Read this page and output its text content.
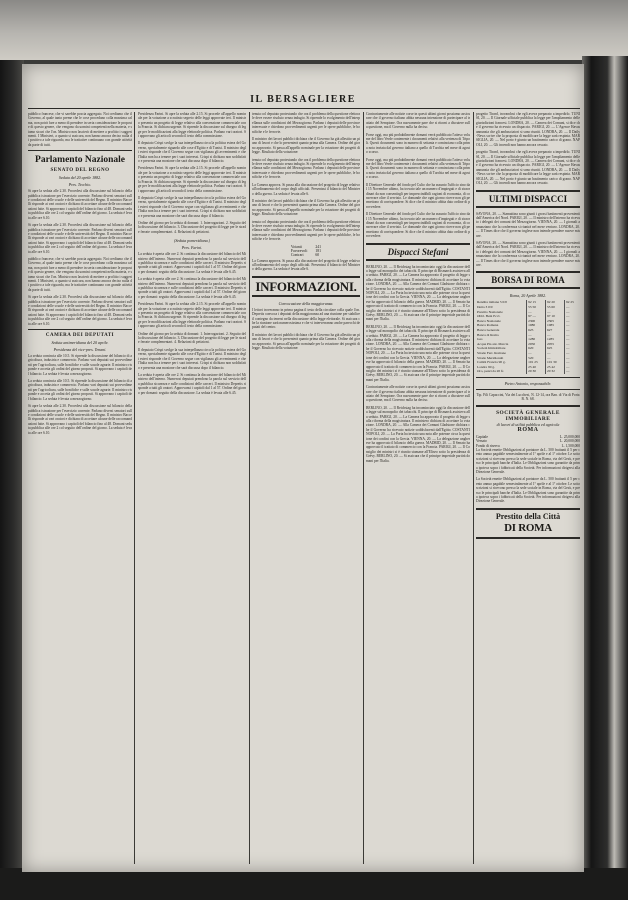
IL BERSAGLIERE

pubblico francese, che vi sarebbe poscia aggregato. Noi crediamo che il Governo, al quale tanto preme che le cose procedano colla massima calma, non potrà fare a meno di prendere in seria considerazione le proposte di questo genere, che vengono da uomini competenti nella materia, e siamo sicuri che l'on. Ministro non lascierà di mettere a profitto i suggerimenti. I Ministeri, a quanto si assicura, non hanno ancora deciso nulla di positivo a tale riguardo, ma le trattative continuano con grande attività da parte di tutti.

Parlamento Nazionale
SENATO DEL REGNO
Seduta del 20 aprile 1882.
Pres. Tecchio.

Si apre la seduta alle 2.30. Procedesi alla discussione sul bilancio della pubblica istruzione per l'esercizio corrente. Parlano diversi senatori sulle condizioni delle scuole e delle università del Regno. Il ministro Baccelli risponde ai vari oratori e dichiara di accettare alcune delle raccomandazioni fatte. Si approvano i capitoli del bilancio fino al 48. Domani seduta pubblica alle ore 2 col seguito dell'ordine del giorno. La seduta è levata alle ore 6.10.

Si apre la seduta alle 2.30. Procedesi alla discussione sul bilancio della pubblica istruzione per l'esercizio corrente. Parlano diversi senatori sulle condizioni delle scuole e delle università del Regno. Il ministro Baccelli risponde ai vari oratori e dichiara di accettare alcune delle raccomandazioni fatte. Si approvano i capitoli del bilancio fino al 48. Domani seduta pubblica alle ore 2 col seguito dell'ordine del giorno. La seduta è levata alle ore 6.10.

pubblico francese, che vi sarebbe poscia aggregato. Noi crediamo che il Governo, al quale tanto preme che le cose procedano colla massima calma, non potrà fare a meno di prendere in seria considerazione le proposte di questo genere, che vengono da uomini competenti nella materia, e siamo sicuri che l'on. Ministro non lascierà di mettere a profitto i suggerimenti. I Ministeri, a quanto si assicura, non hanno ancora deciso nulla di positivo a tale riguardo, ma le trattative continuano con grande attività da parte di tutti.

Si apre la seduta alle 2.30. Procedesi alla discussione sul bilancio della pubblica istruzione per l'esercizio corrente. Parlano diversi senatori sulle condizioni delle scuole e delle università del Regno. Il ministro Baccelli risponde ai vari oratori e dichiara di accettare alcune delle raccomandazioni fatte. Si approvano i capitoli del bilancio fino al 48. Domani seduta pubblica alle ore 2 col seguito dell'ordine del giorno. La seduta è levata alle ore 6.10.

CAMERA DEI DEPUTATI
Seduta antimeridiana del 20 aprile.
Presidenza del vice-pres. Tenani.

La seduta comincia alle 10.5. Si riprende la discussione del bilancio di agricoltura, industria e commercio. Parlano vari deputati sui provvedimenti per l'agricoltura, sulle bonifiche e sulle scuole agrarie. Il ministro risponde e accetta gli ordini del giorno proposti. Si approvano i capitoli del bilancio. La seduta è levata a mezzogiorno.

La seduta comincia alle 10.5. Si riprende la discussione del bilancio di agricoltura, industria e commercio. Parlano vari deputati sui provvedimenti per l'agricoltura, sulle bonifiche e sulle scuole agrarie. Il ministro risponde e accetta gli ordini del giorno proposti. Si approvano i capitoli del bilancio. La seduta è levata a mezzogiorno.

Si apre la seduta alle 2.30. Procedesi alla discussione sul bilancio della pubblica istruzione per l'esercizio corrente. Parlano diversi senatori sulle condizioni delle scuole e delle università del Regno. Il ministro Baccelli risponde ai vari oratori e dichiara di accettare alcune delle raccomandazioni fatte. Si approvano i capitoli del bilancio fino al 48. Domani seduta pubblica alle ore 2 col seguito dell'ordine del giorno. La seduta è levata alle ore 6.10.

Presidenza Farini. Si apre la seduta alle 2.15. Si procede all'appello nominale per la votazione a scrutinio segreto delle leggi approvate ieri. Il ministro presenta un progetto di legge relativo alla convenzione commerciale con la Francia. Si dichiara urgente. Si riprende la discussione sul disegno di legge per le modificazioni alla legge elettorale politica. Parlano vari oratori. Si approvano gli articoli secondo il testo della commissione.

Il deputato Crispi svolge la sua interpellanza circa la politica estera del Governo, specialmente riguardo alle cose d'Egitto e di Tunisi. Il ministro degli esteri risponde che il Governo segue con vigilanza gli avvenimenti e che l'Italia non ha a temere per i suoi interessi. Crispi si dichiara non soddisfatto e presenta una mozione che sarà discussa dopo il bilancio.

Presidenza Farini. Si apre la seduta alle 2.15. Si procede all'appello nominale per la votazione a scrutinio segreto delle leggi approvate ieri. Il ministro presenta un progetto di legge relativo alla convenzione commerciale con la Francia. Si dichiara urgente. Si riprende la discussione sul disegno di legge per le modificazioni alla legge elettorale politica. Parlano vari oratori. Si approvano gli articoli secondo il testo della commissione.

Il deputato Crispi svolge la sua interpellanza circa la politica estera del Governo, specialmente riguardo alle cose d'Egitto e di Tunisi. Il ministro degli esteri risponde che il Governo segue con vigilanza gli avvenimenti e che l'Italia non ha a temere per i suoi interessi. Crispi si dichiara non soddisfatto e presenta una mozione che sarà discussa dopo il bilancio.

Ordine del giorno per la seduta di domani: 1. Interrogazioni. 2. Seguito della discussione del bilancio. 3. Discussione del progetto di legge per le strade ferrate complementari. 4. Relazioni di petizioni.

(Seduta pomeridiana.)
Pres. Farini.

La seduta è aperta alle ore 2. Si continua la discussione del bilancio del Ministero dell'interno. Numerosi deputati prendono la parola sul servizio della pubblica sicurezza e sulle condizioni delle carceri. Il ministro Depretis risponde a tutti gli oratori. Approvansi i capitoli dal 1 al 57. Ordine del giorno per domani: seguito della discussione. La seduta è levata alle 6.45.

La seduta è aperta alle ore 2. Si continua la discussione del bilancio del Ministero dell'interno. Numerosi deputati prendono la parola sul servizio della pubblica sicurezza e sulle condizioni delle carceri. Il ministro Depretis risponde a tutti gli oratori. Approvansi i capitoli dal 1 al 57. Ordine del giorno per domani: seguito della discussione. La seduta è levata alle 6.45.

Presidenza Farini. Si apre la seduta alle 2.15. Si procede all'appello nominale per la votazione a scrutinio segreto delle leggi approvate ieri. Il ministro presenta un progetto di legge relativo alla convenzione commerciale con la Francia. Si dichiara urgente. Si riprende la discussione sul disegno di legge per le modificazioni alla legge elettorale politica. Parlano vari oratori. Si approvano gli articoli secondo il testo della commissione.

Ordine del giorno per la seduta di domani: 1. Interrogazioni. 2. Seguito della discussione del bilancio. 3. Discussione del progetto di legge per le strade ferrate complementari. 4. Relazioni di petizioni.

Il deputato Crispi svolge la sua interpellanza circa la politica estera del Governo, specialmente riguardo alle cose d'Egitto e di Tunisi. Il ministro degli esteri risponde che il Governo segue con vigilanza gli avvenimenti e che l'Italia non ha a temere per i suoi interessi. Crispi si dichiara non soddisfatto e presenta una mozione che sarà discussa dopo il bilancio.

La seduta è aperta alle ore 2. Si continua la discussione del bilancio del Ministero dell'interno. Numerosi deputati prendono la parola sul servizio della pubblica sicurezza e sulle condizioni delle carceri. Il ministro Depretis risponde a tutti gli oratori. Approvansi i capitoli dal 1 al 57. Ordine del giorno per domani: seguito della discussione. La seduta è levata alle 6.45.

tenuta col deputato protestando che ora il problema della questione elettorale deve essere risoluto senza indugio. Si riprende lo svolgimento dell'interpellanza sulle condizioni del Mezzogiorno. Parlano i deputati delle province interessate e chiedono provvedimenti urgenti per le opere pubbliche, le bonifiche e le ferrovie.

Il ministro dei lavori pubblici dichiara che il Governo ha già allestito un piano di lavori e che lo presenterà quanto prima alla Camera. Ordine del giorno approvato. Si passa all'appello nominale per la votazione dei progetti di legge. Risultato della votazione:

tenuta col deputato protestando che ora il problema della questione elettorale deve essere risoluto senza indugio. Si riprende lo svolgimento dell'interpellanza sulle condizioni del Mezzogiorno. Parlano i deputati delle province interessate e chiedono provvedimenti urgenti per le opere pubbliche, le bonifiche e le ferrovie.

La Camera approva. Si passa alla discussione del progetto di legge relativo all'ordinamento del corpo degli ufficiali. Presentasi il bilancio del Ministero della guerra. La seduta è levata alle 6.

Il ministro dei lavori pubblici dichiara che il Governo ha già allestito un piano di lavori e che lo presenterà quanto prima alla Camera. Ordine del giorno approvato. Si passa all'appello nominale per la votazione dei progetti di legge. Risultato della votazione:

tenuta col deputato protestando che ora il problema della questione elettorale deve essere risoluto senza indugio. Si riprende lo svolgimento dell'interpellanza sulle condizioni del Mezzogiorno. Parlano i deputati delle province interessate e chiedono provvedimenti urgenti per le opere pubbliche, le bonifiche e le ferrovie.

Votanti	241
Favorevoli	181
Contrari	60

La Camera approva. Si passa alla discussione del progetto di legge relativo all'ordinamento del corpo degli ufficiali. Presentasi il bilancio del Ministero della guerra. La seduta è levata alle 6.

INFORMAZIONI.
Convocazione della maggioranza.

I lettori troveranno in prima pagina il testo della circolare colla quale l'on. Depretis convoca i deputati della maggioranza ad una riunione per stabilire il contegno da tenersi nella discussione della legge elettorale. Si assicura che la riunione sarà numerosissima e che vi interverranno anche parecchi deputati del centro.

Il ministro dei lavori pubblici dichiara che il Governo ha già allestito un piano di lavori e che lo presenterà quanto prima alla Camera. Ordine del giorno approvato. Si passa all'appello nominale per la votazione dei progetti di legge. Risultato della votazione:

Contrariamente alle notizie corse in questi ultimi giorni possiamo assicurare che il governo italiano abbia nessuna intenzione di partecipare al trattato del Sempione. Ora nuovamente pare che si ritorni a discutere sulla questione, ma il Governo nulla ha deciso.

Forse oggi, ma più probabilmente domani verrà pubblicato l'atteso volume del libro Verde contenente i documenti relativi alla vertenza di Tripoli. Questi documenti sono in numero di settanta e cominciano colla prima nota inviata dal governo italiano a quello di Turchia nel mese di agosto scorso.

Forse oggi, ma più probabilmente domani verrà pubblicato l'atteso volume del libro Verde contenente i documenti relativi alla vertenza di Tripoli. Questi documenti sono in numero di settanta e cominciano colla prima nota inviata dal governo italiano a quello di Turchia nel mese di agosto scorso.

Il Direttore Generale del fondo pel Culto che ha assunto l'ufficio sino dal 15 Novembre ultimo, ha trovato tale un numero d'impiegati e di straordinari da non consentirgli per imprescindibili ragioni di economia, di conservare oltre il servizio. Le domande che ogni giorno riceve non gli permettono di corrispondere. Si dice che il ministro abbia dato ordine di provvedere.

Il Direttore Generale del fondo pel Culto che ha assunto l'ufficio sino dal 15 Novembre ultimo, ha trovato tale un numero d'impiegati e di straordinari da non consentirgli per imprescindibili ragioni di economia, di conservare oltre il servizio. Le domande che ogni giorno riceve non gli permettono di corrispondere. Si dice che il ministro abbia dato ordine di provvedere.

Dispacci Stefani

BERLINO, 20. — Il Reichstag ha incominciato oggi la discussione della legge sul monopolio dei tabacchi. Il principe di Bismarck assisteva alla seduta. PARIGI, 20. — La Camera ha approvato il progetto di legge sulla riforma della magistratura. Il ministero dichiara di accettare la votazione. LONDRA, 20. — Alla Camera dei Comuni Gladstone dichiara che il Governo ha ricevuto notizie soddisfacenti dall'Egitto. COSTANTINOPOLI, 20. — La Porta ha inviato una nota alle potenze circa la questione dei confini con la Grecia. VIENNA, 20. — La delegazione ungherese ha approvato il bilancio della guerra. MADRID, 20. — Il Senato ha approvato il trattato di commercio con la Francia. PARIGI, 20. — Il Consiglio dei ministri si è riunito stamane all'Eliseo sotto la presidenza di Grévy. BERLINO, 20. — Si assicura che il principe imperiale partirà domani per l'Italia.

BERLINO, 20. — Il Reichstag ha incominciato oggi la discussione della legge sul monopolio dei tabacchi. Il principe di Bismarck assisteva alla seduta. PARIGI, 20. — La Camera ha approvato il progetto di legge sulla riforma della magistratura. Il ministero dichiara di accettare la votazione. LONDRA, 20. — Alla Camera dei Comuni Gladstone dichiara che il Governo ha ricevuto notizie soddisfacenti dall'Egitto. COSTANTINOPOLI, 20. — La Porta ha inviato una nota alle potenze circa la questione dei confini con la Grecia. VIENNA, 20. — La delegazione ungherese ha approvato il bilancio della guerra. MADRID, 20. — Il Senato ha approvato il trattato di commercio con la Francia. PARIGI, 20. — Il Consiglio dei ministri si è riunito stamane all'Eliseo sotto la presidenza di Grévy. BERLINO, 20. — Si assicura che il principe imperiale partirà domani per l'Italia.

Contrariamente alle notizie corse in questi ultimi giorni possiamo assicurare che il governo italiano abbia nessuna intenzione di partecipare al trattato del Sempione. Ora nuovamente pare che si ritorni a discutere sulla questione, ma il Governo nulla ha deciso.

BERLINO, 20. — Il Reichstag ha incominciato oggi la discussione della legge sul monopolio dei tabacchi. Il principe di Bismarck assisteva alla seduta. PARIGI, 20. — La Camera ha approvato il progetto di legge sulla riforma della magistratura. Il ministero dichiara di accettare la votazione. LONDRA, 20. — Alla Camera dei Comuni Gladstone dichiara che il Governo ha ricevuto notizie soddisfacenti dall'Egitto. COSTANTINOPOLI, 20. — La Porta ha inviato una nota alle potenze circa la questione dei confini con la Grecia. VIENNA, 20. — La delegazione ungherese ha approvato il bilancio della guerra. MADRID, 20. — Il Senato ha approvato il trattato di commercio con la Francia. PARIGI, 20. — Il Consiglio dei ministri si è riunito stamane all'Eliseo sotto la presidenza di Grévy. BERLINO, 20. — Si assicura che il principe imperiale partirà domani per l'Italia.

progetto Tirard, trovandosi che egli aveva preparato a impedirlo. TUNISI, 20. — Il Giornale ufficiale pubblica la legge per l'ampliamento delle giurisdizioni francesi. LONDRA, 20. — Camera dei Comuni, si dice che il governo ha ricevuto un dispaccio. PARIGI, 20. — L'Agence Havas annunzia che gli ambasciatori si sono riuniti. LONDRA, 20. — Il Daily-News scrive che la proposta di modificare la legge sarà respinta. MARSIGLIA, 20. — Nel porto è giunto un bastimento carico di grano. NAPOLI, 20. — Gli incendi non hanno ancora cessato.

progetto Tirard, trovandosi che egli aveva preparato a impedirlo. TUNISI, 20. — Il Giornale ufficiale pubblica la legge per l'ampliamento delle giurisdizioni francesi. LONDRA, 20. — Camera dei Comuni, si dice che il governo ha ricevuto un dispaccio. PARIGI, 20. — L'Agence Havas annunzia che gli ambasciatori si sono riuniti. LONDRA, 20. — Il Daily-News scrive che la proposta di modificare la legge sarà respinta. MARSIGLIA, 20. — Nel porto è giunto un bastimento carico di grano. NAPOLI, 20. — Gli incendi non hanno ancora cessato.

ULTIMI DISPACCI

SAVONA, 20. — Stamattina sono giunti i grossi bastimenti provenienti dall'America del Nord. PARIGI, 20. — Il ministro dell'interno ha ricevuto i delegati dei comuni del Mezzogiorno. VIENNA, 20. — I giornali annunziano che la conferenza si riunirà nel mese venturo. LONDRA, 20. — Il Times dice che il governo inglese non intende prendere nuove misure.

SAVONA, 20. — Stamattina sono giunti i grossi bastimenti provenienti dall'America del Nord. PARIGI, 20. — Il ministro dell'interno ha ricevuto i delegati dei comuni del Mezzogiorno. VIENNA, 20. — I giornali annunziano che la conferenza si riunirà nel mese venturo. LONDRA, 20. — Il Times dice che il governo inglese non intende prendere nuove misure.

BORSA DI ROMA
Roma, 20 Aprile 1882.
Rendita italiana 5 0/0	92 15	92 20	92 25
Detta 3 0/0	55 50	55 60	—
Prestito Nazionale	—	—	—
Obbl. Beni Eccl.	97 —	97 10	—
Banca Nazionale	2300	2305	—
Banca Romana	1080	1085	—
Banca Generale	625	627	—
Banca di Roma	—	—	—
Gas	1280	1285	—
Acqua Pia ant. Marcia	2050	2055	—
Società Immobiliare	620	625	—
Strade Ferr. Romane	—	—	—
Strade Meridionali	520	—	—
Cambi Francia 90 g.	101 25	101 30	—
Londra 90 g.	25 40	25 42	—
Oro, pezzi da 20 fr.	20 30	20 32	—
Pietro Antonio, responsabile.

Tip. Fili Capaccini, Via dei Lucchesi, N. 12-14, ora Ban. di Via di Porta B. N. 68.

SOCIETÀ GENERALE IMMOBILIARE
di lavori di utilità pubblica ed agricola
ROMA
Capitale	L. 25,000,000
Versato	L. 20,000,000
Fondo di riserva	L. 1,500,000

La Società emette Obbligazioni al portatore da L. 500 fruttanti il 5 per cento annuo pagabile semestralmente al 1° aprile e al 1° ottobre. Le sottoscrizioni si ricevono presso la sede sociale in Roma, via del Gesù, e presso le principali banche d'Italia. Le Obbligazioni sono garantite da prima ipoteca sopra i fabbricati della Società. Per informazioni dirigersi alla Direzione Generale.

La Società emette Obbligazioni al portatore da L. 500 fruttanti il 5 per cento annuo pagabile semestralmente al 1° aprile e al 1° ottobre. Le sottoscrizioni si ricevono presso la sede sociale in Roma, via del Gesù, e presso le principali banche d'Italia. Le Obbligazioni sono garantite da prima ipoteca sopra i fabbricati della Società. Per informazioni dirigersi alla Direzione Generale.

Prestito della Città
DI ROMA
